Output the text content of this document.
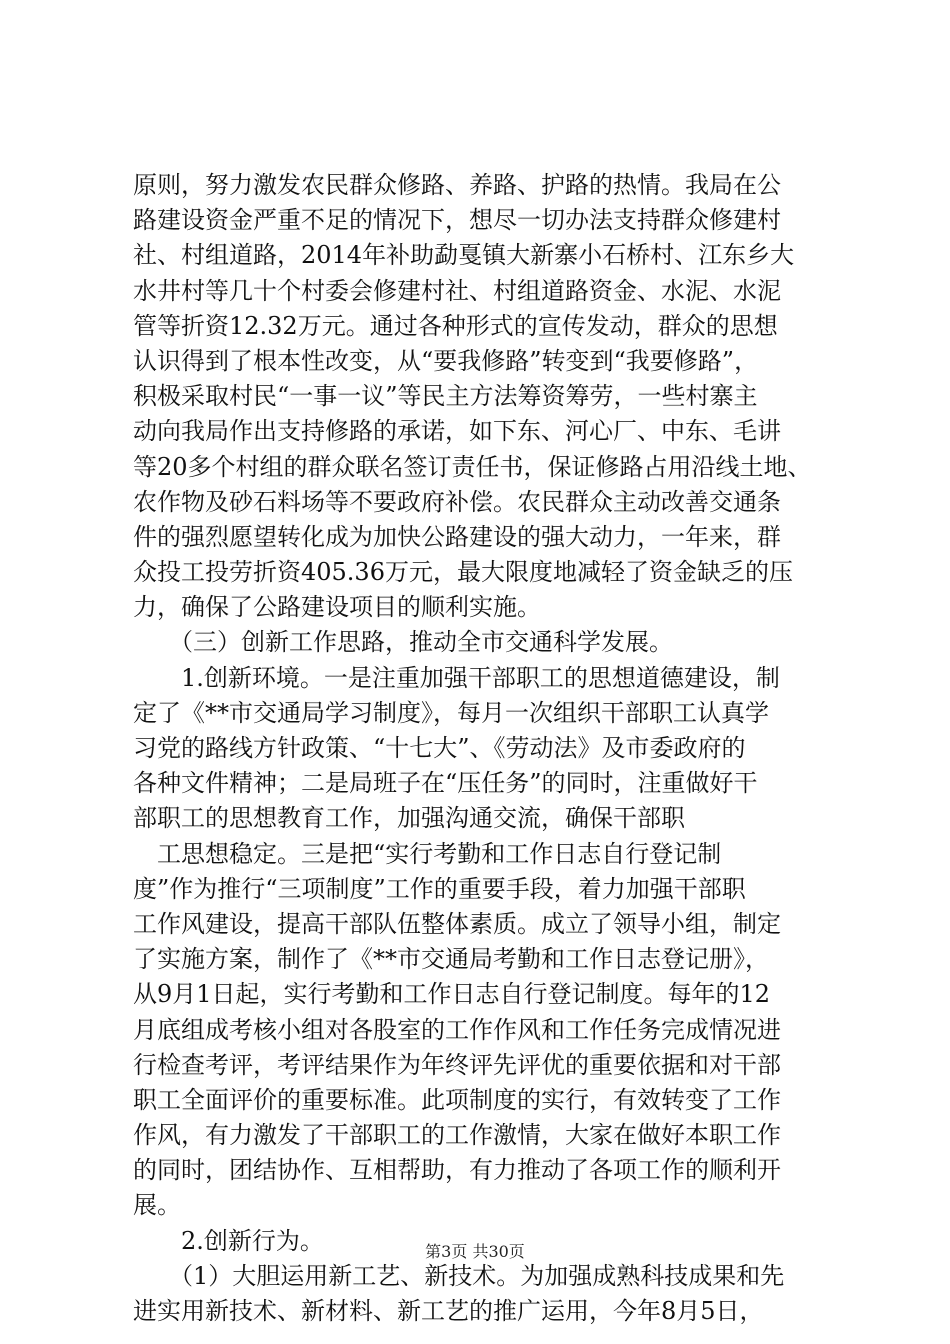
原则，努力激发农民群众修路、养路、护路的热情。我局在公
路建设资金严重不足的情况下，想尽一切办法支持群众修建村
社、村组道路，2014年补助勐戛镇大新寨小石桥村、江东乡大
水井村等几十个村委会修建村社、村组道路资金、水泥、水泥
管等折资12.32万元。通过各种形式的宣传发动，群众的思想
认识得到了根本性改变，从“要我修路”转变到“我要修路”，
积极采取村民“一事一议”等民主方法筹资筹劳，一些村寨主
动向我局作出支持修路的承诺，如下东、河心厂、中东、毛讲
等20多个村组的群众联名签订责任书，保证修路占用沿线土地、
农作物及砂石料场等不要政府补偿。农民群众主动改善交通条
件的强烈愿望转化成为加快公路建设的强大动力，一年来，群
众投工投劳折资405.36万元，最大限度地减轻了资金缺乏的压
力，确保了公路建设项目的顺利实施。
　　（三）创新工作思路，推动全市交通科学发展。
　　1.创新环境。一是注重加强干部职工的思想道德建设，制
定了《**市交通局学习制度》，每月一次组织干部职工认真学
习党的路线方针政策、“十七大”、《劳动法》及市委政府的
各种文件精神；二是局班子在“压任务”的同时，注重做好干
部职工的思想教育工作，加强沟通交流，确保干部职
　工思想稳定。三是把“实行考勤和工作日志自行登记制
度”作为推行“三项制度”工作的重要手段，着力加强干部职
工作风建设，提高干部队伍整体素质。成立了领导小组，制定
了实施方案，制作了《**市交通局考勤和工作日志登记册》，
从9月1日起，实行考勤和工作日志自行登记制度。每年的12
月底组成考核小组对各股室的工作作风和工作任务完成情况进
行检查考评，考评结果作为年终评先评优的重要依据和对干部
职工全面评价的重要标准。此项制度的实行，有效转变了工作
作风，有力激发了干部职工的工作激情，大家在做好本职工作
的同时，团结协作、互相帮助，有力推动了各项工作的顺利开
展。
　　2.创新行为。
　　（1）大胆运用新工艺、新技术。为加强成熟科技成果和先
进实用新技术、新材料、新工艺的推广运用，今年8月5日，
第3页 共30页
